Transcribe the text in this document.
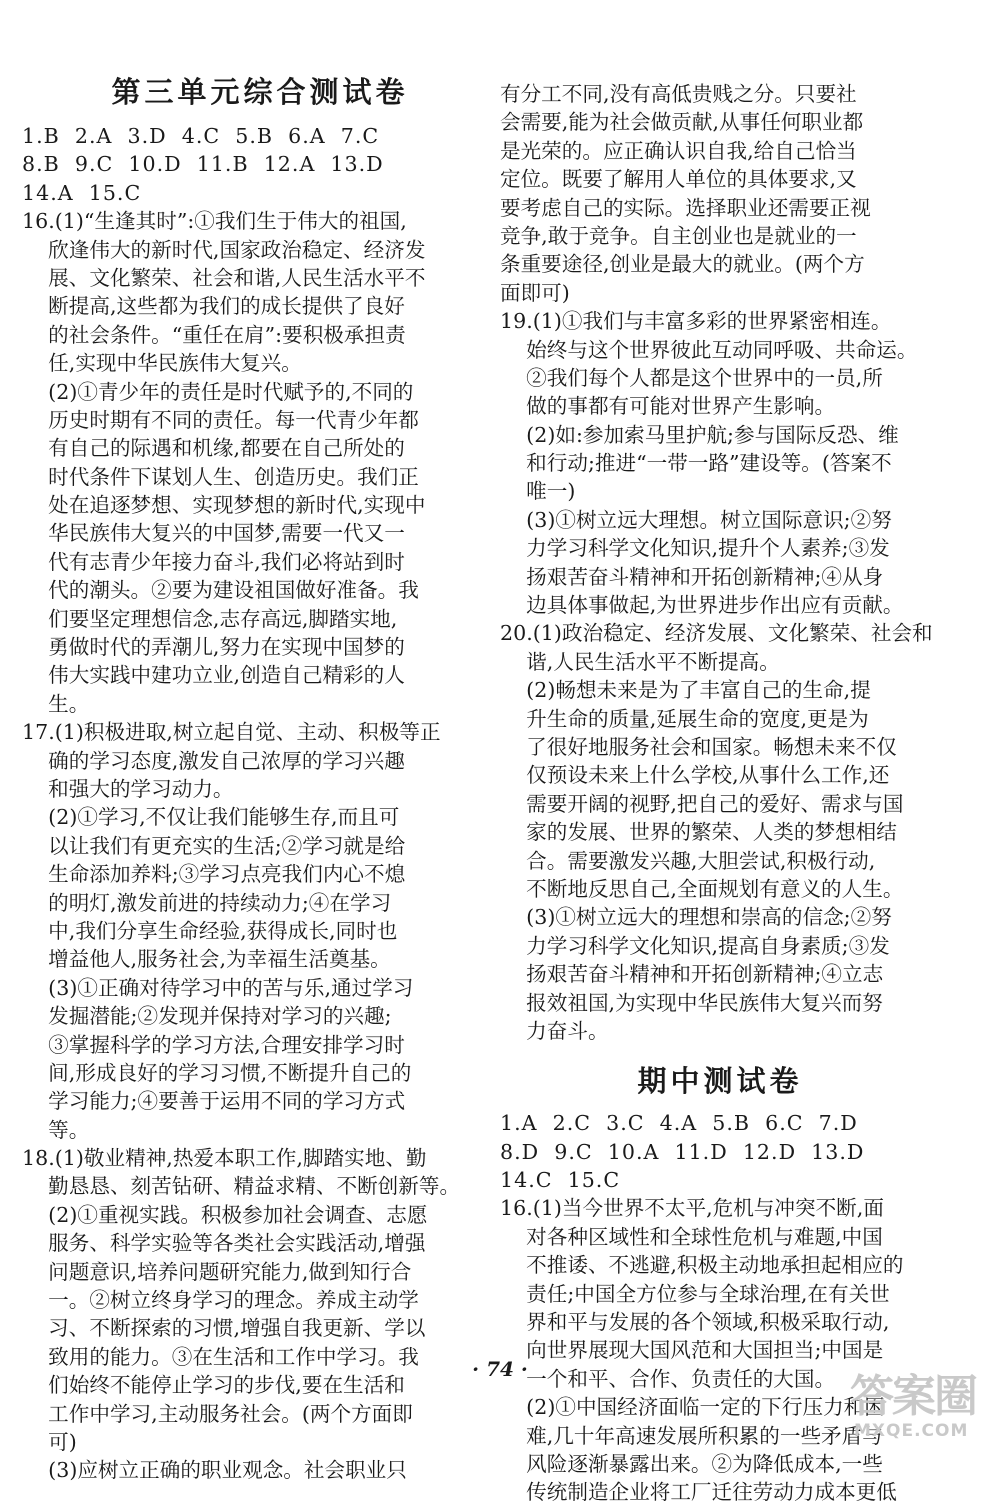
第三单元综合测试卷
1.B  2.A  3.D  4.C  5.B  6.A  7.C
8.B  9.C  10.D  11.B  12.A  13.D
14.A  15.C
16.(1)“生逢其时”:①我们生于伟大的祖国,
欣逢伟大的新时代,国家政治稳定、经济发
展、文化繁荣、社会和谐,人民生活水平不
断提高,这些都为我们的成长提供了良好
的社会条件。“重任在肩”:要积极承担责
任,实现中华民族伟大复兴。
(2)①青少年的责任是时代赋予的,不同的
历史时期有不同的责任。每一代青少年都
有自己的际遇和机缘,都要在自己所处的
时代条件下谋划人生、创造历史。我们正
处在追逐梦想、实现梦想的新时代,实现中
华民族伟大复兴的中国梦,需要一代又一
代有志青少年接力奋斗,我们必将站到时
代的潮头。②要为建设祖国做好准备。我
们要坚定理想信念,志存高远,脚踏实地,
勇做时代的弄潮儿,努力在实现中国梦的
伟大实践中建功立业,创造自己精彩的人
生。
17.(1)积极进取,树立起自觉、主动、积极等正
确的学习态度,激发自己浓厚的学习兴趣
和强大的学习动力。
(2)①学习,不仅让我们能够生存,而且可
以让我们有更充实的生活;②学习就是给
生命添加养料;③学习点亮我们内心不熄
的明灯,激发前进的持续动力;④在学习
中,我们分享生命经验,获得成长,同时也
增益他人,服务社会,为幸福生活奠基。
(3)①正确对待学习中的苦与乐,通过学习
发掘潜能;②发现并保持对学习的兴趣;
③掌握科学的学习方法,合理安排学习时
间,形成良好的学习习惯,不断提升自己的
学习能力;④要善于运用不同的学习方式
等。
18.(1)敬业精神,热爱本职工作,脚踏实地、勤
勤恳恳、刻苦钻研、精益求精、不断创新等。
(2)①重视实践。积极参加社会调查、志愿
服务、科学实验等各类社会实践活动,增强
问题意识,培养问题研究能力,做到知行合
一。②树立终身学习的理念。养成主动学
习、不断探索的习惯,增强自我更新、学以
致用的能力。③在生活和工作中学习。我
们始终不能停止学习的步伐,要在生活和
工作中学习,主动服务社会。(两个方面即
可)
(3)应树立正确的职业观念。社会职业只
有分工不同,没有高低贵贱之分。只要社
会需要,能为社会做贡献,从事任何职业都
是光荣的。应正确认识自我,给自己恰当
定位。既要了解用人单位的具体要求,又
要考虑自己的实际。选择职业还需要正视
竞争,敢于竞争。自主创业也是就业的一
条重要途径,创业是最大的就业。(两个方
面即可)
19.(1)①我们与丰富多彩的世界紧密相连。
始终与这个世界彼此互动同呼吸、共命运。
②我们每个人都是这个世界中的一员,所
做的事都有可能对世界产生影响。
(2)如:参加索马里护航;参与国际反恐、维
和行动;推进“一带一路”建设等。(答案不
唯一)
(3)①树立远大理想。树立国际意识;②努
力学习科学文化知识,提升个人素养;③发
扬艰苦奋斗精神和开拓创新精神;④从身
边具体事做起,为世界进步作出应有贡献。
20.(1)政治稳定、经济发展、文化繁荣、社会和
谐,人民生活水平不断提高。
(2)畅想未来是为了丰富自己的生命,提
升生命的质量,延展生命的宽度,更是为
了很好地服务社会和国家。畅想未来不仅
仅预设未来上什么学校,从事什么工作,还
需要开阔的视野,把自己的爱好、需求与国
家的发展、世界的繁荣、人类的梦想相结
合。需要激发兴趣,大胆尝试,积极行动,
不断地反思自己,全面规划有意义的人生。
(3)①树立远大的理想和崇高的信念;②努
力学习科学文化知识,提高自身素质;③发
扬艰苦奋斗精神和开拓创新精神;④立志
报效祖国,为实现中华民族伟大复兴而努
力奋斗。
期中测试卷
1.A  2.C  3.C  4.A  5.B  6.C  7.D
8.D  9.C  10.A  11.D  12.D  13.D
14.C  15.C
16.(1)当今世界不太平,危机与冲突不断,面
对各种区域性和全球性危机与难题,中国
不推诿、不逃避,积极主动地承担起相应的
责任;中国全方位参与全球治理,在有关世
界和平与发展的各个领域,积极采取行动,
向世界展现大国风范和大国担当;中国是
一个和平、合作、负责任的大国。
(2)①中国经济面临一定的下行压力和困
难,几十年高速发展所积累的一些矛盾与
风险逐渐暴露出来。②为降低成本,一些
传统制造企业将工厂迁往劳动力成本更低
· 74 ·
答案圈
MXQE.COM
